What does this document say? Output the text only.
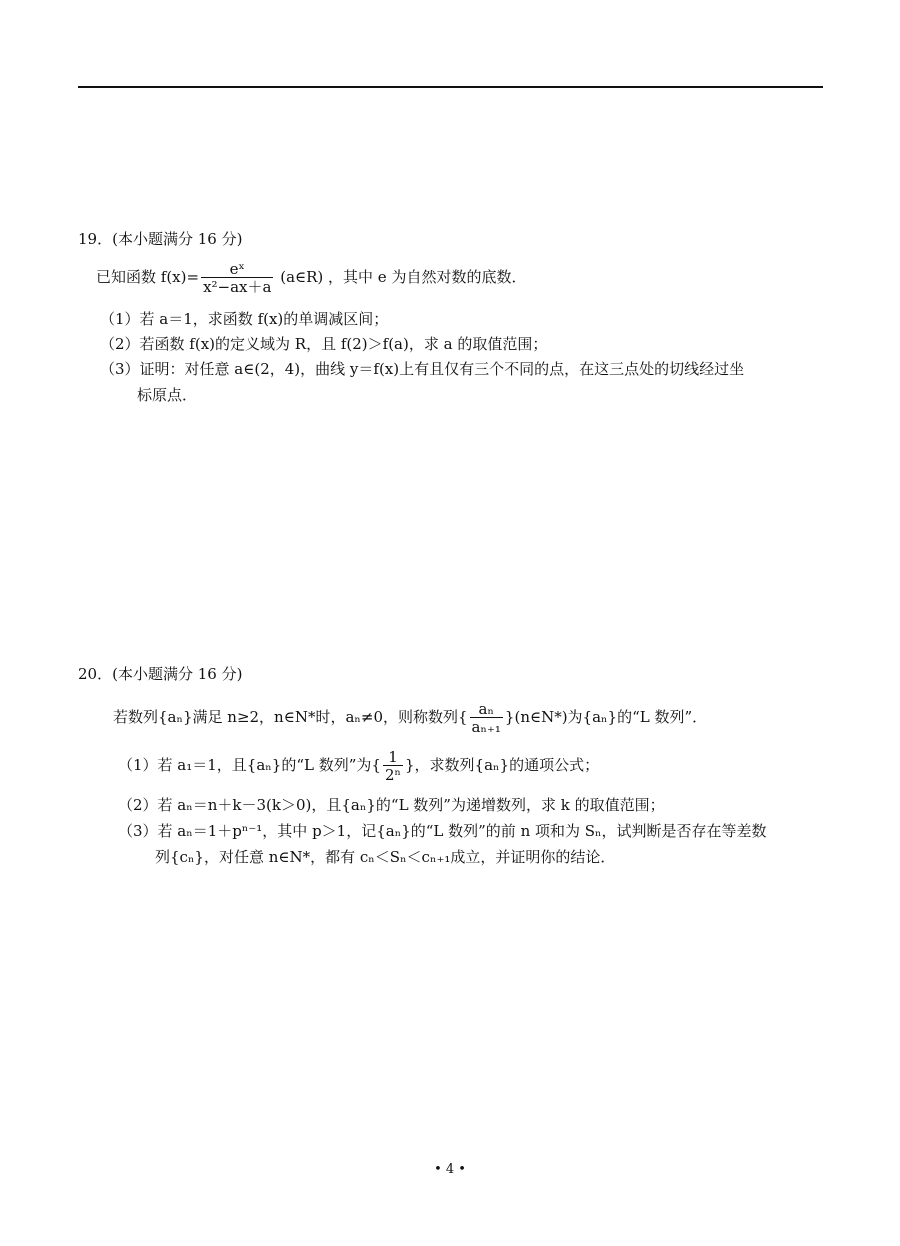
19．(本小题满分 16 分)
已知函数 $f(x)= \frac{\text{eˣ}}{\text{x²−ax＋a}}$ (a∈R) ，其中 e 为自然对数的底数．
（1）若 a＝1，求函数 f(x)的单调减区间；
（2）若函数 f(x)的定义域为 R，且 f(2)＞f(a)，求 a 的取值范围；
（3）证明：对任意 a∈(2，4)，曲线 y＝f(x)上有且仅有三个不同的点，在这三点处的切线经过坐
标原点．
20．(本小题满分 16 分)
若数列{aₙ}满足 n≥2，n∈N*时，aₙ≠0，则称数列{ $\frac{\text{aₙ}}{\text{aₙ₊₁}}$ }(n∈N*)为{aₙ}的“L 数列”．
（1）若 a₁＝1，且{aₙ}的“L 数列”为{ $\frac{1}{\text{2ⁿ}}$ }，求数列{aₙ}的通项公式；
（2）若 aₙ＝n＋k－3(k＞0)，且{aₙ}的“L 数列”为递增数列，求 k 的取值范围；
（3）若 aₙ＝1＋pⁿ⁻¹，其中 p＞1，记{aₙ}的“L 数列”的前 n 项和为 Sₙ，试判断是否存在等差数
列{cₙ}，对任意 n∈N*，都有 cₙ＜Sₙ＜cₙ₊₁成立，并证明你的结论．
• 4 •
